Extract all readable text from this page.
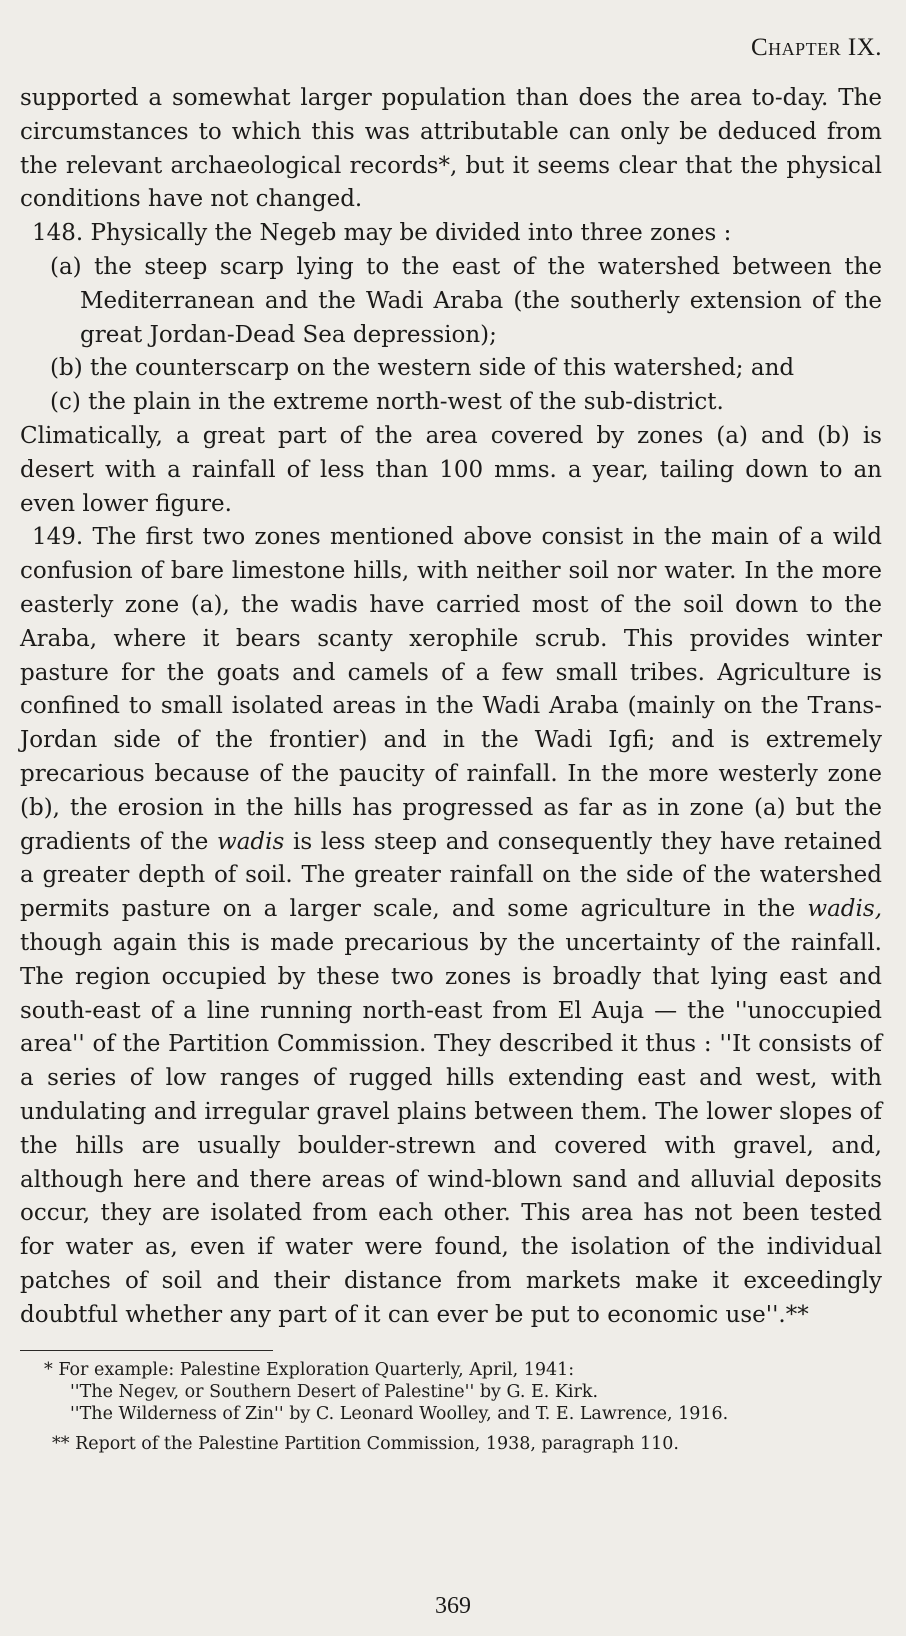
Chapter IX.

supported a somewhat larger population than does the area to-day. The circumstances to which this was attributable can only be deduced from the relevant archaeological records*, but it seems clear that the physical conditions have not changed.

148. Physically the Negeb may be divided into three zones :

(a) the steep scarp lying to the east of the watershed between the Mediterranean and the Wadi Araba (the southerly extension of the great Jordan-Dead Sea depression);

(b) the counterscarp on the western side of this watershed; and

(c) the plain in the extreme north-west of the sub-district.

Climatically, a great part of the area covered by zones (a) and (b) is desert with a rainfall of less than 100 mms. a year, tailing down to an even lower figure.

149. The first two zones mentioned above consist in the main of a wild confusion of bare limestone hills, with neither soil nor water. In the more easterly zone (a), the wadis have carried most of the soil down to the Araba, where it bears scanty xerophile scrub. This provides winter pasture for the goats and camels of a few small tribes. Agriculture is confined to small isolated areas in the Wadi Araba (mainly on the Trans-Jordan side of the frontier) and in the Wadi Igfi; and is extremely precarious because of the paucity of rainfall. In the more westerly zone (b), the erosion in the hills has progressed as far as in zone (a) but the gradients of the wadis is less steep and consequently they have retained a greater depth of soil. The greater rainfall on the side of the watershed permits pasture on a larger scale, and some agriculture in the wadis, though again this is made precarious by the uncertainty of the rainfall. The region occupied by these two zones is broadly that lying east and south-east of a line running north-east from El Auja — the ''unoccupied area'' of the Partition Commission. They described it thus : ''It consists of a series of low ranges of rugged hills extending east and west, with undulating and irregular gravel plains between them. The lower slopes of the hills are usually boulder-strewn and covered with gravel, and, although here and there areas of wind-blown sand and alluvial deposits occur, they are isolated from each other. This area has not been tested for water as, even if water were found, the isolation of the individual patches of soil and their distance from markets make it exceedingly doubtful whether any part of it can ever be put to economic use''.**

* For example: Palestine Exploration Quarterly, April, 1941:

''The Negev, or Southern Desert of Palestine'' by G. E. Kirk.

''The Wilderness of Zin'' by C. Leonard Woolley, and T. E. Lawrence, 1916.

** Report of the Palestine Partition Commission, 1938, paragraph 110.

369
